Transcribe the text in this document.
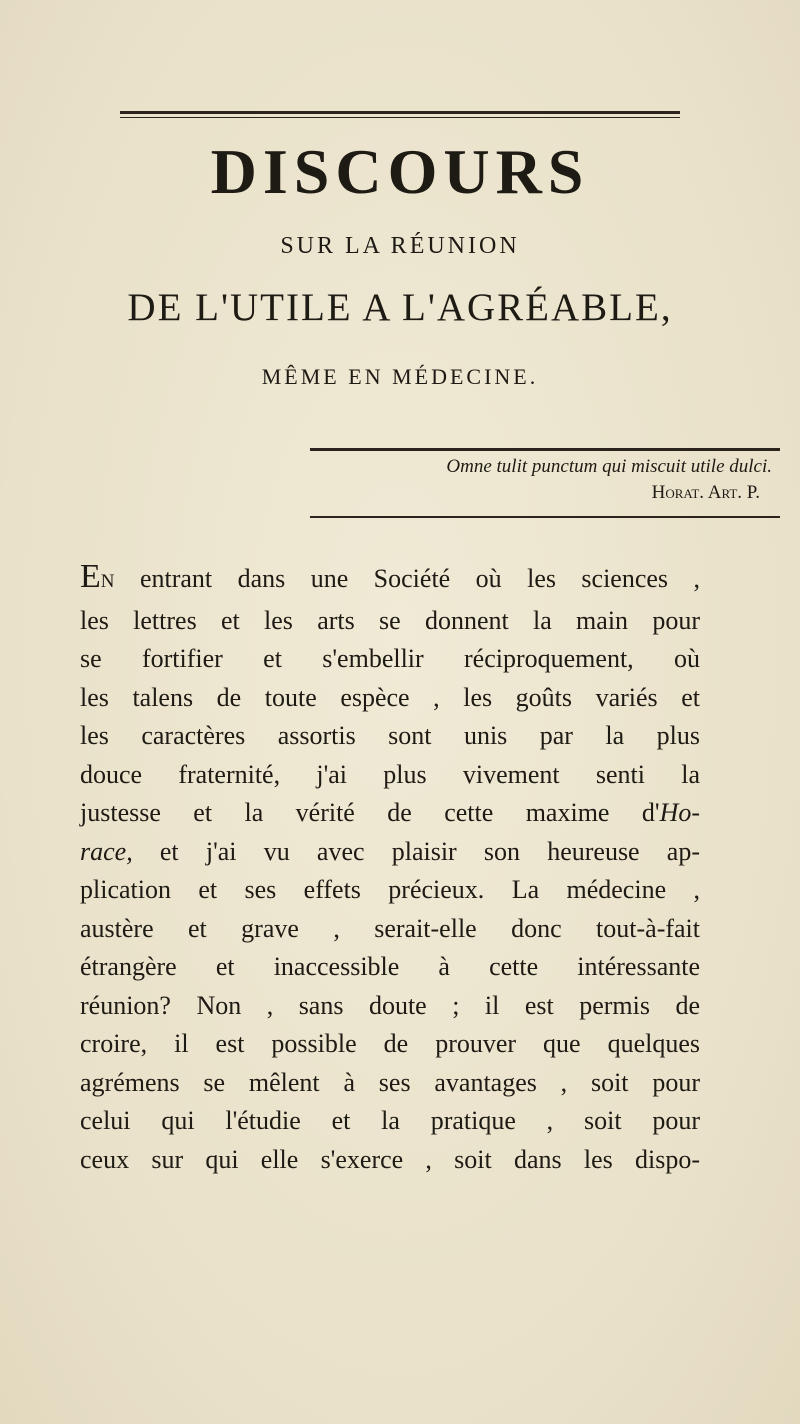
DISCOURS
SUR LA RÉUNION
DE L'UTILE A L'AGRÉABLE,
MÊME EN MÉDECINE.
Omne tulit punctum qui miscuit utile dulci.
Horat. Art. P.

EN entrant dans une Société où les sciences ,

les lettres et les arts se donnent la main pour

se fortifier et s'embellir réciproquement, où

les talens de toute espèce , les goûts variés et

les caractères assortis sont unis par la plus

douce fraternité, j'ai plus vivement senti la

justesse et la vérité de cette maxime d'Ho-

race, et j'ai vu avec plaisir son heureuse ap-

plication et ses effets précieux. La médecine ,

austère et grave , serait-elle donc tout-à-fait

étrangère et inaccessible à cette intéressante

réunion? Non , sans doute ; il est permis de

croire, il est possible de prouver que quelques

agrémens se mêlent à ses avantages , soit pour

celui qui l'étudie et la pratique , soit pour

ceux sur qui elle s'exerce , soit dans les dispo-
